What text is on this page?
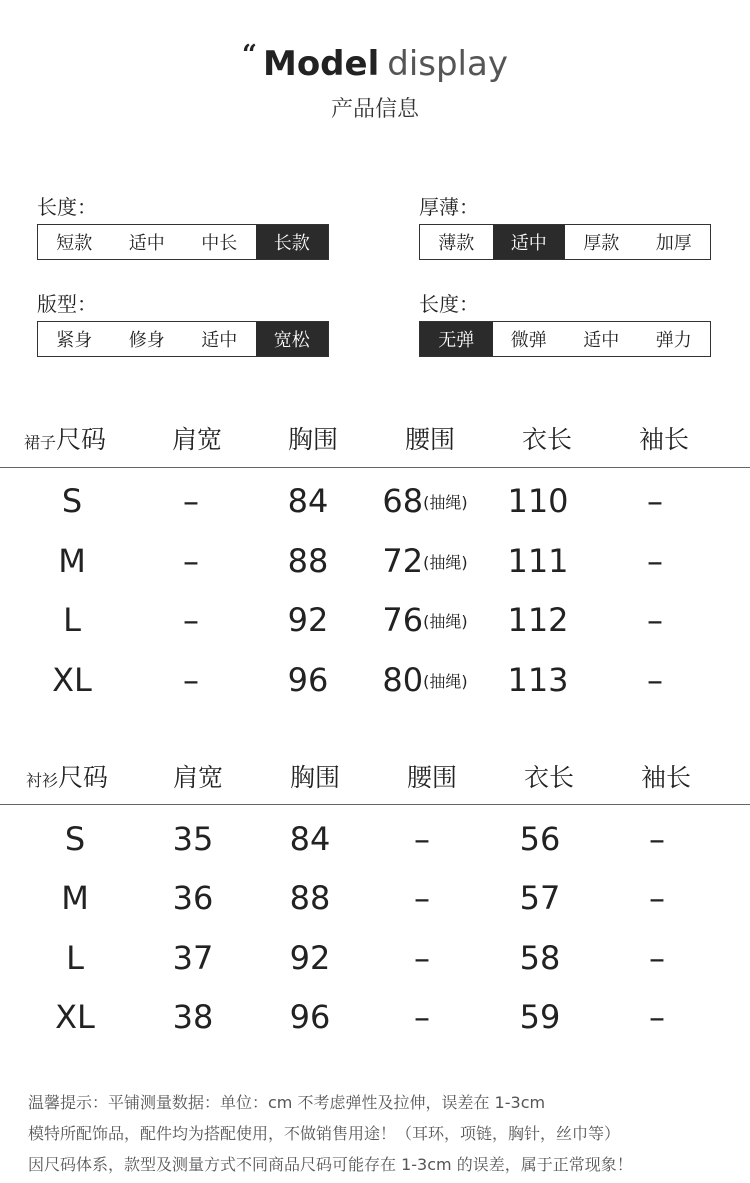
“ Model display
产品信息
长度：
短款	适中	中长	长款
厚薄：
薄款	适中	厚款	加厚
版型：
紧身	修身	适中	宽松
长度：
无弹	微弹	适中	弹力
裙子尺码	肩宽	胸围	腰围	衣长	袖长
S	–	84	68(抽绳)	110	–
M	–	88	72(抽绳)	111	–
L	–	92	76(抽绳)	112	–
XL	–	96	80(抽绳)	113	–
衬衫尺码	肩宽	胸围	腰围	衣长	袖长
S	35	84	–	56	–
M	36	88	–	57	–
L	37	92	–	58	–
XL	38	96	–	59	–
温馨提示：平铺测量数据：单位：cm 不考虑弹性及拉伸，误差在 1-3cm
模特所配饰品，配件均为搭配使用，不做销售用途！（耳环，项链，胸针，丝巾等）
因尺码体系，款型及测量方式不同商品尺码可能存在 1-3cm 的误差，属于正常现象！
